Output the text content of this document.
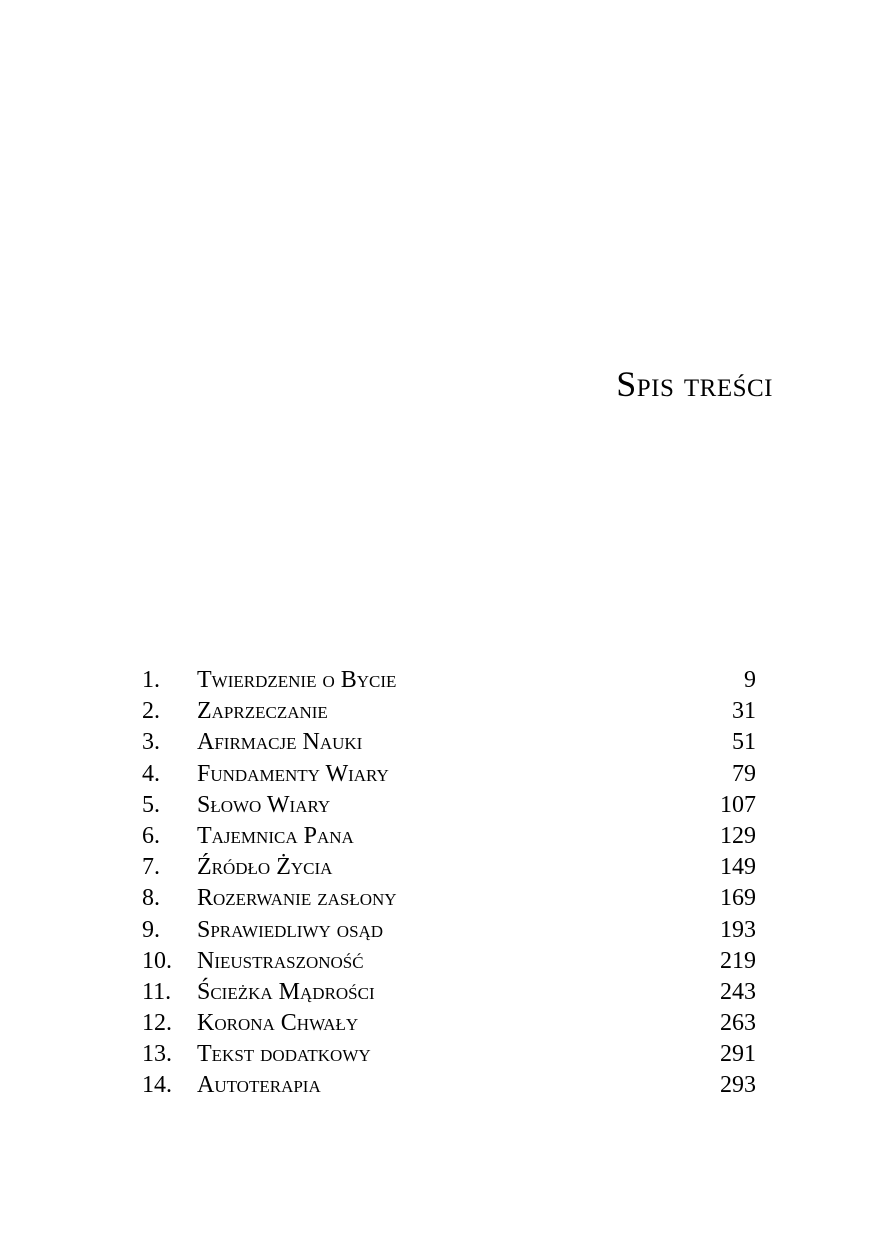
Spis treści
1. Twierdzenie o Bycie	9
2. Zaprzeczanie	31
3. Afirmacje Nauki	51
4. Fundamenty Wiary	79
5. Słowo Wiary	107
6. Tajemnica Pana	129
7. Źródło Życia	149
8. Rozerwanie zasłony	169
9. Sprawiedliwy osąd	193
10. Nieustraszoność	219
11. Ścieżka Mądrości	243
12. Korona Chwały	263
13. Tekst dodatkowy	291
14. Autoterapia	293
